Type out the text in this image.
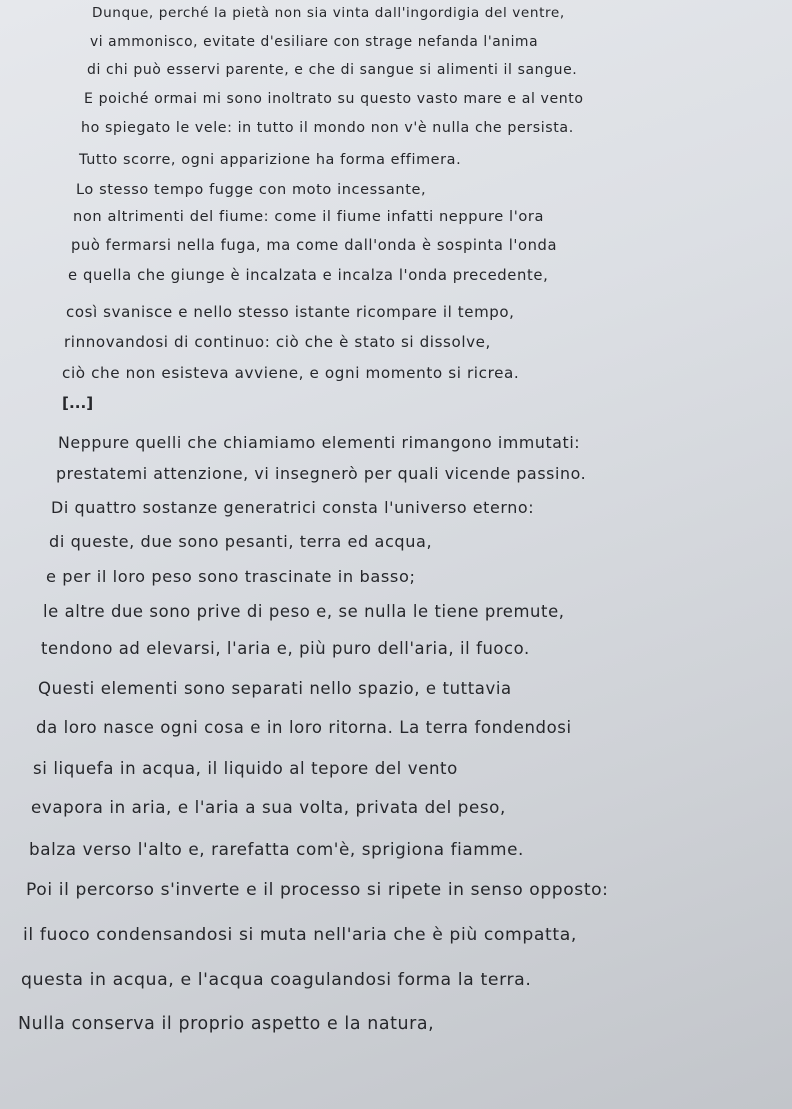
Dunque, perché la pietà non sia vinta dall'ingordigia del ventre,
vi ammonisco, evitate d'esiliare con strage nefanda l'anima
di chi può esservi parente, e che di sangue si alimenti il sangue.
E poiché ormai mi sono inoltrato su questo vasto mare e al vento
ho spiegato le vele: in tutto il mondo non v'è nulla che persista.
Tutto scorre, ogni apparizione ha forma effimera.
Lo stesso tempo fugge con moto incessante,
non altrimenti del fiume: come il fiume infatti neppure l'ora
può fermarsi nella fuga, ma come dall'onda è sospinta l'onda
e quella che giunge è incalzata e incalza l'onda precedente,
così svanisce e nello stesso istante ricompare il tempo,
rinnovandosi di continuo: ciò che è stato si dissolve,
ciò che non esisteva avviene, e ogni momento si ricrea.
[...]
Neppure quelli che chiamiamo elementi rimangono immutati:
prestatemi attenzione, vi insegnerò per quali vicende passino.
Di quattro sostanze generatrici consta l'universo eterno:
di queste, due sono pesanti, terra ed acqua,
e per il loro peso sono trascinate in basso;
le altre due sono prive di peso e, se nulla le tiene premute,
tendono ad elevarsi, l'aria e, più puro dell'aria, il fuoco.
Questi elementi sono separati nello spazio, e tuttavia
da loro nasce ogni cosa e in loro ritorna. La terra fondendosi
si liquefa in acqua, il liquido al tepore del vento
evapora in aria, e l'aria a sua volta, privata del peso,
balza verso l'alto e, rarefatta com'è, sprigiona fiamme.
Poi il percorso s'inverte e il processo si ripete in senso opposto:
il fuoco condensandosi si muta nell'aria che è più compatta,
questa in acqua, e l'acqua coagulandosi forma la terra.
Nulla conserva il proprio aspetto e la natura,
